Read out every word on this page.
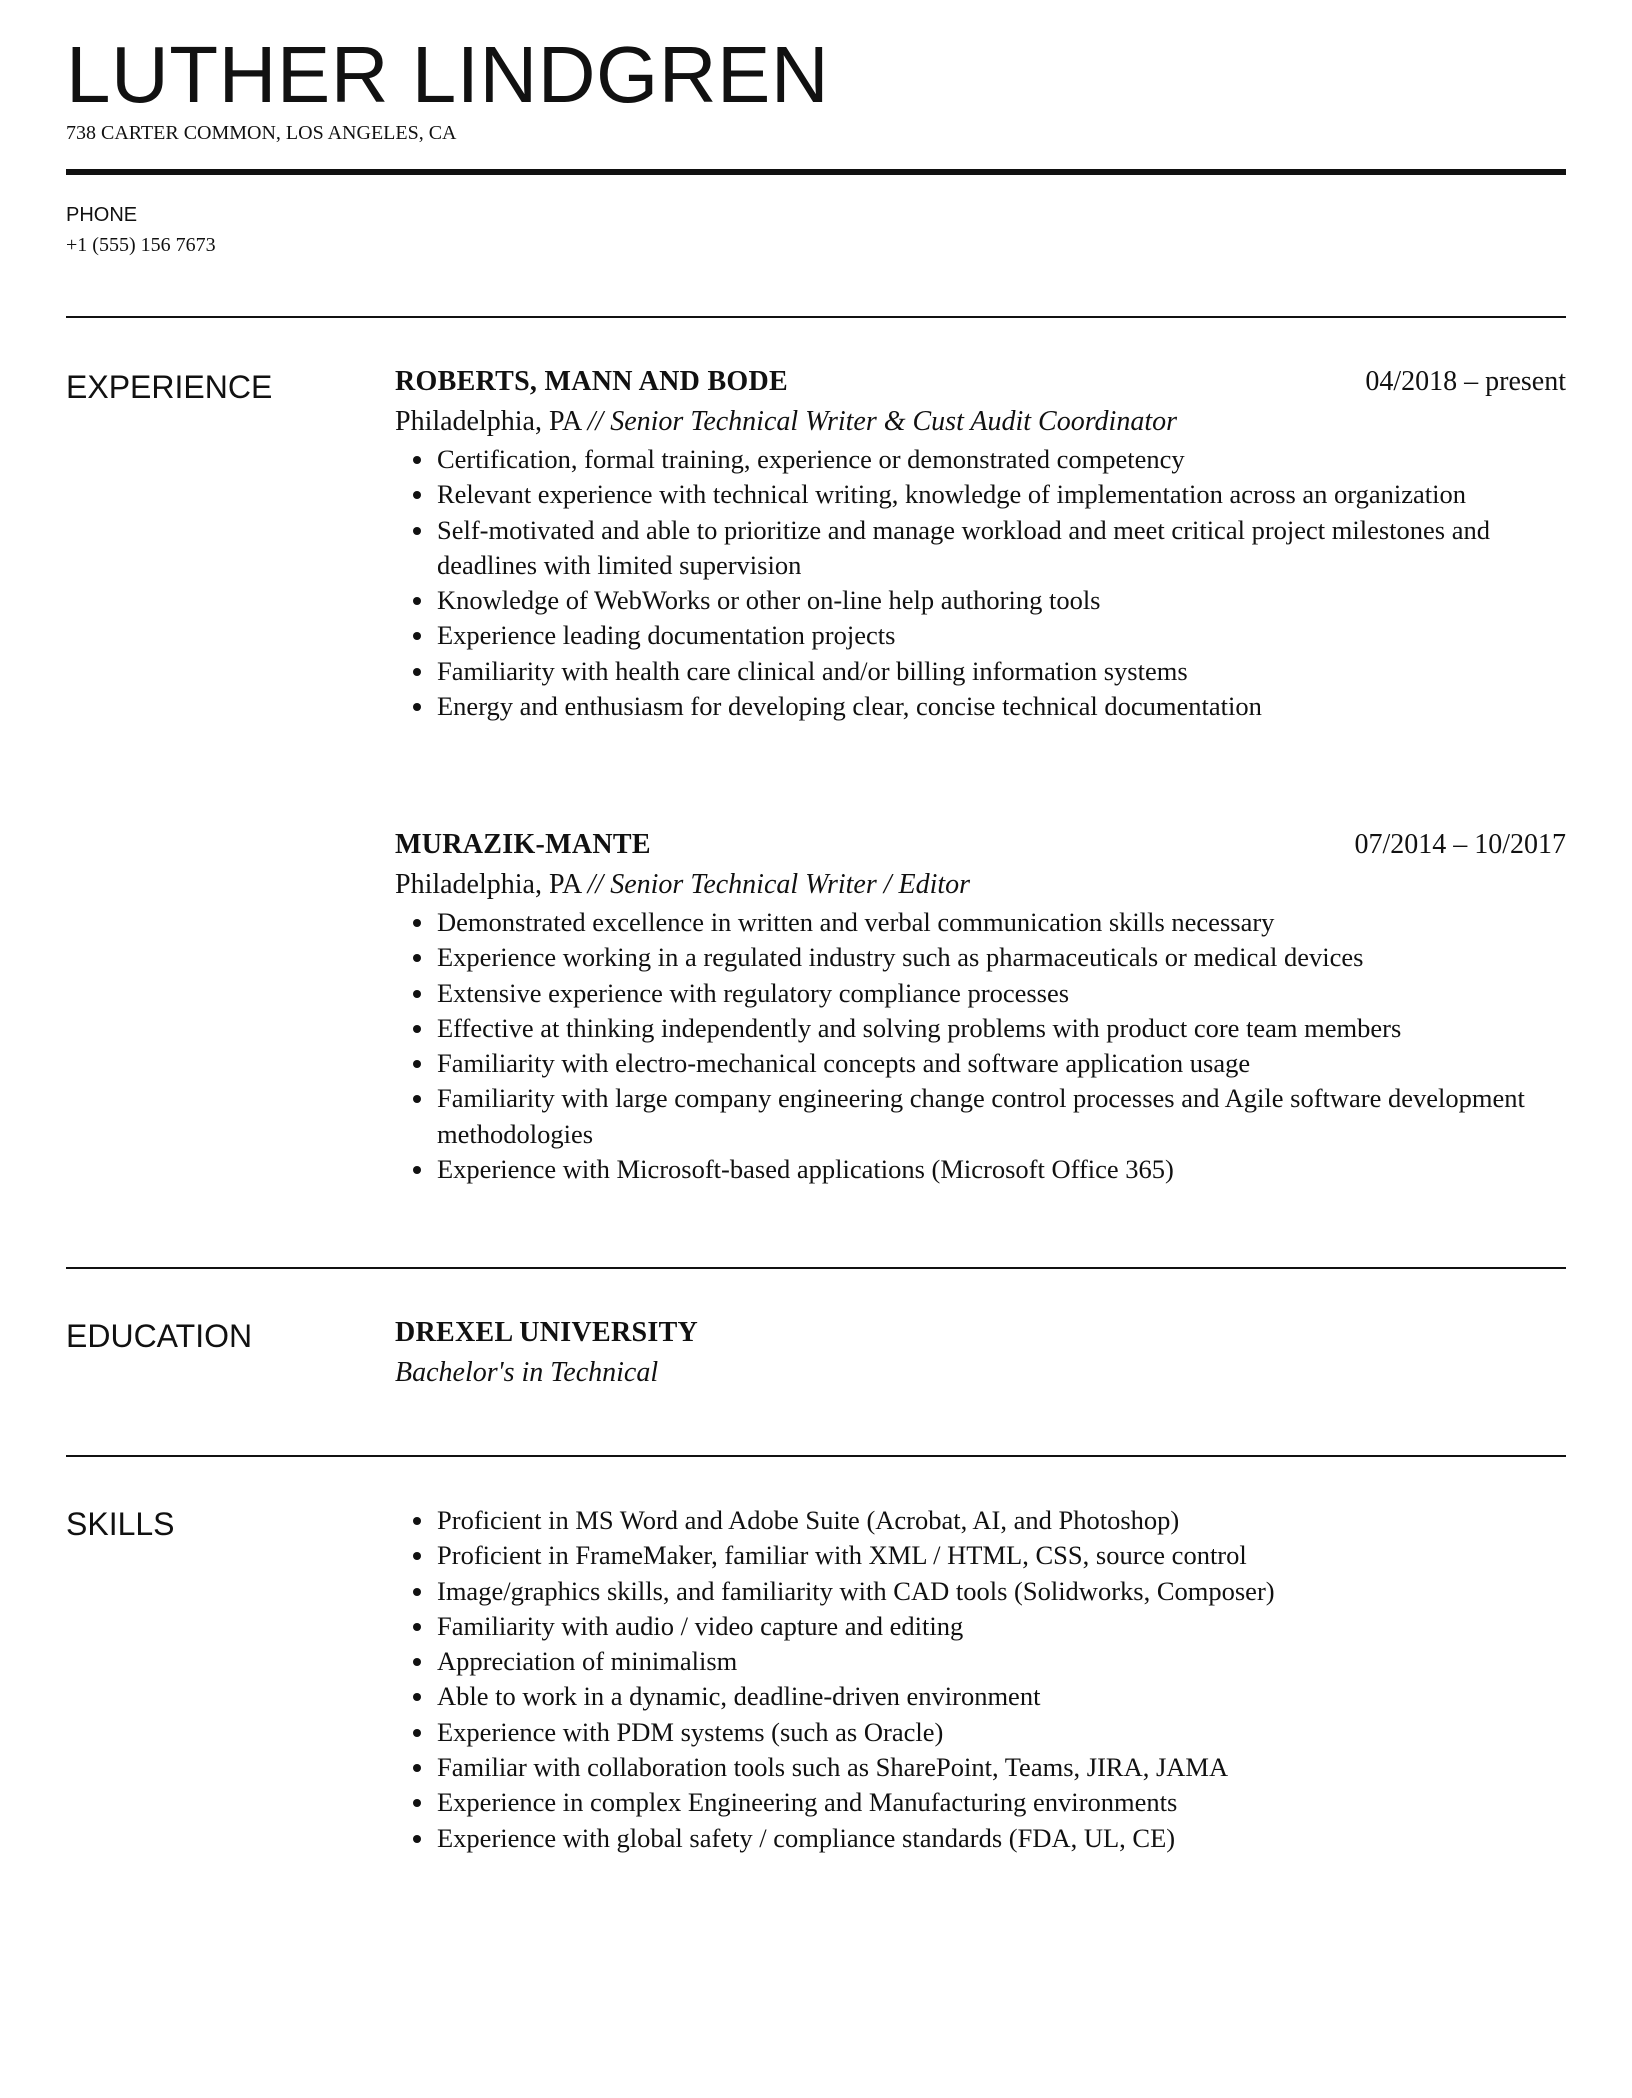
LUTHER LINDGREN
738 CARTER COMMON, LOS ANGELES, CA
PHONE
+1 (555) 156 7673
EXPERIENCE	ROBERTS, MANN AND BODE	04/2018 – present
Philadelphia, PA // Senior Technical Writer & Cust Audit Coordinator
Certification, formal training, experience or demonstrated competency
Relevant experience with technical writing, knowledge of implementation across an organization
Self-motivated and able to prioritize and manage workload and meet critical project milestones and deadlines with limited supervision
Knowledge of WebWorks or other on-line help authoring tools
Experience leading documentation projects
Familiarity with health care clinical and/or billing information systems
Energy and enthusiasm for developing clear, concise technical documentation
MURAZIK-MANTE	07/2014 – 10/2017
Philadelphia, PA // Senior Technical Writer / Editor
Demonstrated excellence in written and verbal communication skills necessary
Experience working in a regulated industry such as pharmaceuticals or medical devices
Extensive experience with regulatory compliance processes
Effective at thinking independently and solving problems with product core team members
Familiarity with electro-mechanical concepts and software application usage
Familiarity with large company engineering change control processes and Agile software development methodologies
Experience with Microsoft-based applications (Microsoft Office 365)
EDUCATION	DREXEL UNIVERSITY
Bachelor's in Technical
SKILLS	Proficient in MS Word and Adobe Suite (Acrobat, AI, and Photoshop)
Proficient in FrameMaker, familiar with XML / HTML, CSS, source control
Image/graphics skills, and familiarity with CAD tools (Solidworks, Composer)
Familiarity with audio / video capture and editing
Appreciation of minimalism
Able to work in a dynamic, deadline-driven environment
Experience with PDM systems (such as Oracle)
Familiar with collaboration tools such as SharePoint, Teams, JIRA, JAMA
Experience in complex Engineering and Manufacturing environments
Experience with global safety / compliance standards (FDA, UL, CE)
